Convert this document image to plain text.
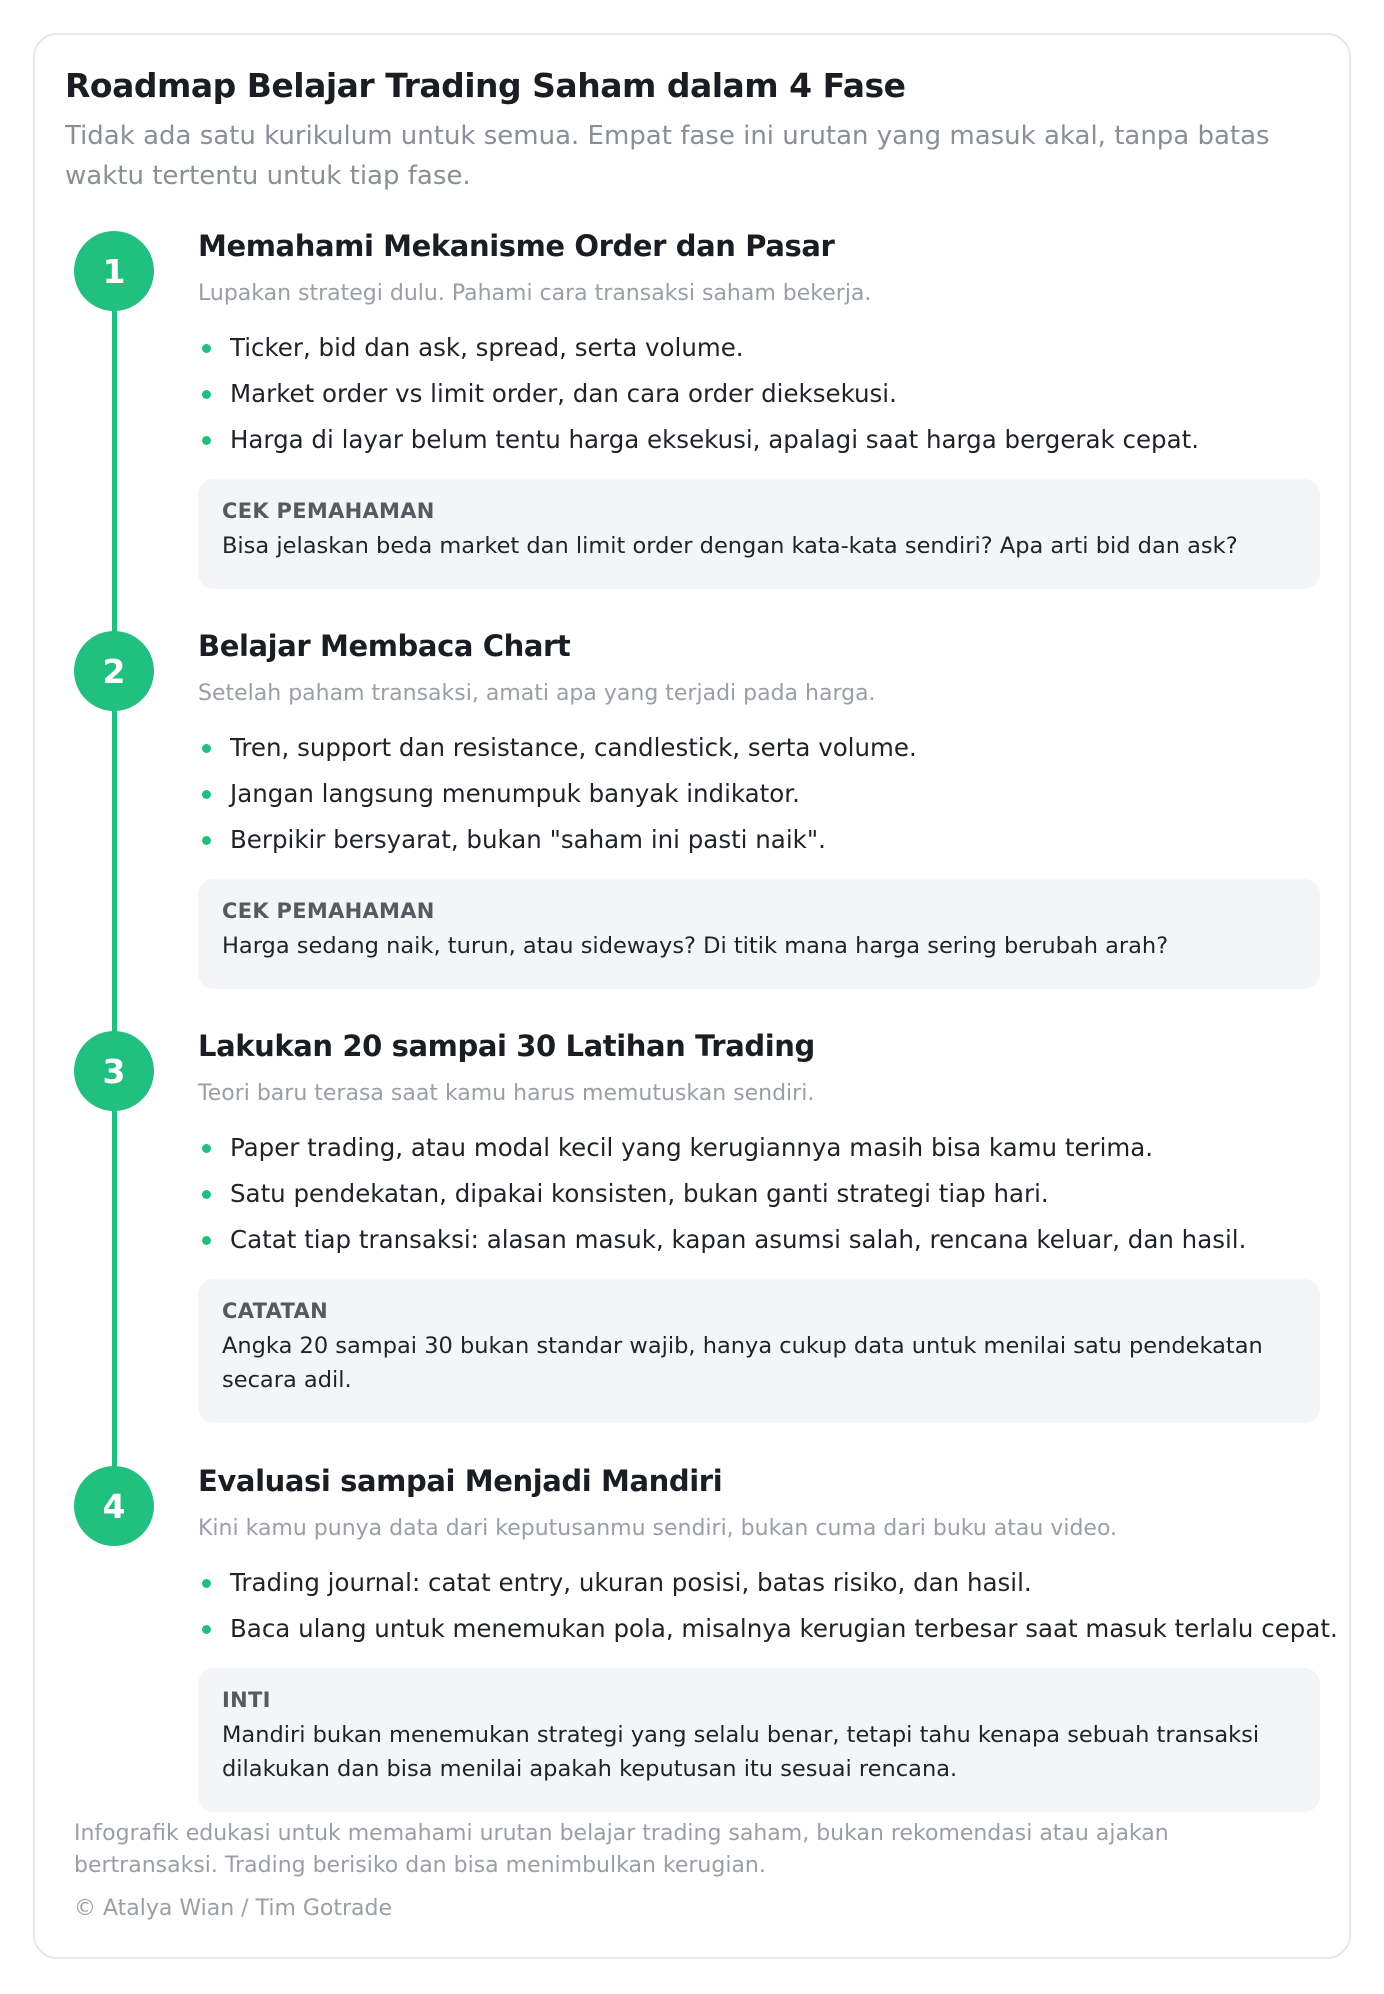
Roadmap Belajar Trading Saham dalam 4 Fase

Tidak ada satu kurikulum untuk semua. Empat fase ini urutan yang masuk akal, tanpa batas waktu tertentu untuk tiap fase.

1
Memahami Mekanisme Order dan Pasar

Lupakan strategi dulu. Pahami cara transaksi saham bekerja.

Ticker, bid dan ask, spread, serta volume.
Market order vs limit order, dan cara order dieksekusi.
Harga di layar belum tentu harga eksekusi, apalagi saat harga bergerak cepat.

CEK PEMAHAMAN

Bisa jelaskan beda market dan limit order dengan kata-kata sendiri? Apa arti bid dan ask?

2
Belajar Membaca Chart

Setelah paham transaksi, amati apa yang terjadi pada harga.

Tren, support dan resistance, candlestick, serta volume.
Jangan langsung menumpuk banyak indikator.
Berpikir bersyarat, bukan "saham ini pasti naik".

CEK PEMAHAMAN

Harga sedang naik, turun, atau sideways? Di titik mana harga sering berubah arah?

3
Lakukan 20 sampai 30 Latihan Trading

Teori baru terasa saat kamu harus memutuskan sendiri.

Paper trading, atau modal kecil yang kerugiannya masih bisa kamu terima.
Satu pendekatan, dipakai konsisten, bukan ganti strategi tiap hari.
Catat tiap transaksi: alasan masuk, kapan asumsi salah, rencana keluar, dan hasil.

CATATAN

Angka 20 sampai 30 bukan standar wajib, hanya cukup data untuk menilai satu pendekatan secara adil.

4
Evaluasi sampai Menjadi Mandiri

Kini kamu punya data dari keputusanmu sendiri, bukan cuma dari buku atau video.

Trading journal: catat entry, ukuran posisi, batas risiko, dan hasil.
Baca ulang untuk menemukan pola, misalnya kerugian terbesar saat masuk terlalu cepat.

INTI

Mandiri bukan menemukan strategi yang selalu benar, tetapi tahu kenapa sebuah transaksi dilakukan dan bisa menilai apakah keputusan itu sesuai rencana.

Infografik edukasi untuk memahami urutan belajar trading saham, bukan rekomendasi atau ajakan bertransaksi. Trading berisiko dan bisa menimbulkan kerugian.

© Atalya Wian / Tim Gotrade
